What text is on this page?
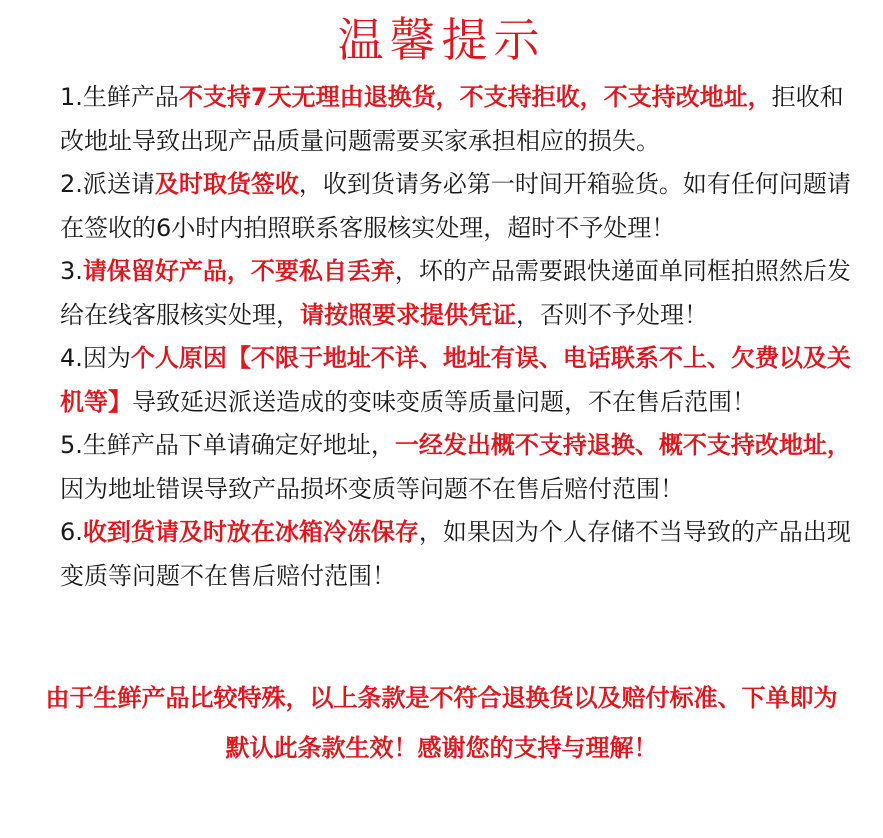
温馨提示
1.生鲜产品不支持7天无理由退换货，不支持拒收，不支持改地址，拒收和改地址导致出现产品质量问题需要买家承担相应的损失。
2.派送请及时取货签收，收到货请务必第一时间开箱验货。如有任何问题请在签收的6小时内拍照联系客服核实处理，超时不予处理！
3.请保留好产品，不要私自丢弃，坏的产品需要跟快递面单同框拍照然后发给在线客服核实处理，请按照要求提供凭证，否则不予处理！
4.因为个人原因【不限于地址不详、地址有误、电话联系不上、欠费以及关机等】导致延迟派送造成的变味变质等质量问题，不在售后范围！
5.生鲜产品下单请确定好地址，一经发出概不支持退换、概不支持改地址，因为地址错误导致产品损坏变质等问题不在售后赔付范围！
6.收到货请及时放在冰箱冷冻保存，如果因为个人存储不当导致的产品出现变质等问题不在售后赔付范围！
由于生鲜产品比较特殊，以上条款是不符合退换货以及赔付标准、下单即为默认此条款生效！感谢您的支持与理解！
